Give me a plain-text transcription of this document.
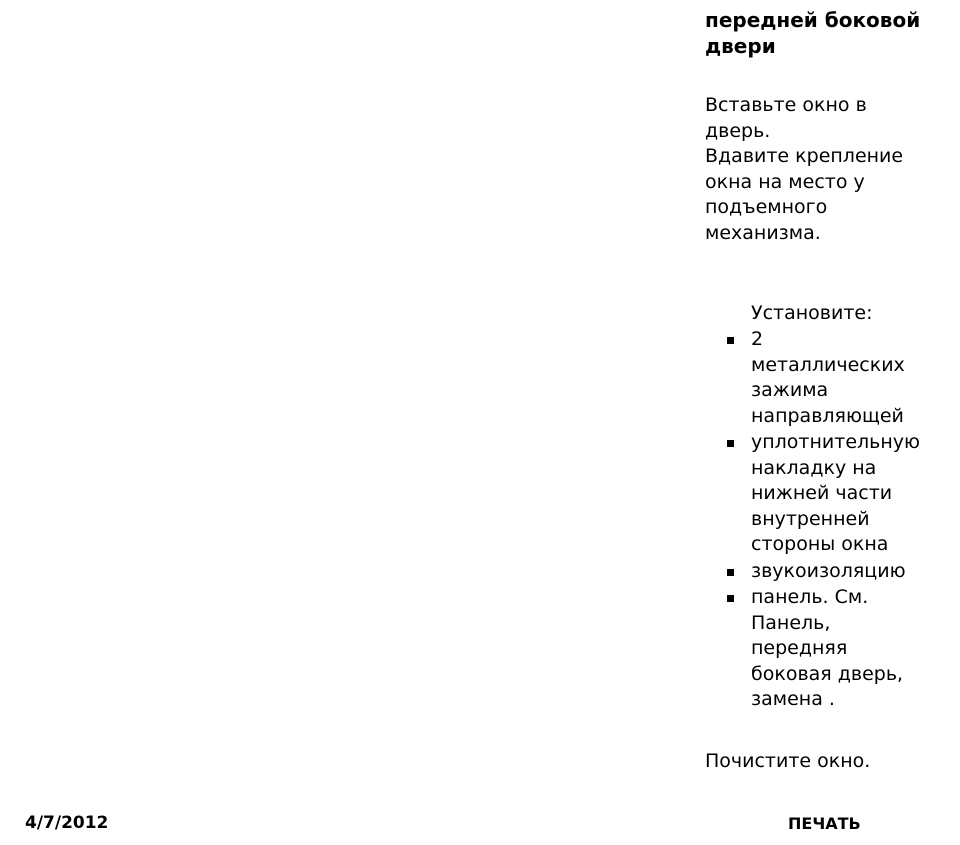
передней боковой
двери

Вставьте окно в
дверь.
Вдавите крепление
окна на место у
подъемного
механизма.

Установите:

2
металлических
зажима
направляющей
уплотнительную
накладку на
нижней части
внутренней
стороны окна
звукоизоляцию
панель. См.
Панель,
передняя
боковая дверь,
замена .

Почистите окно.

4/7/2012	ПЕЧАТЬ
